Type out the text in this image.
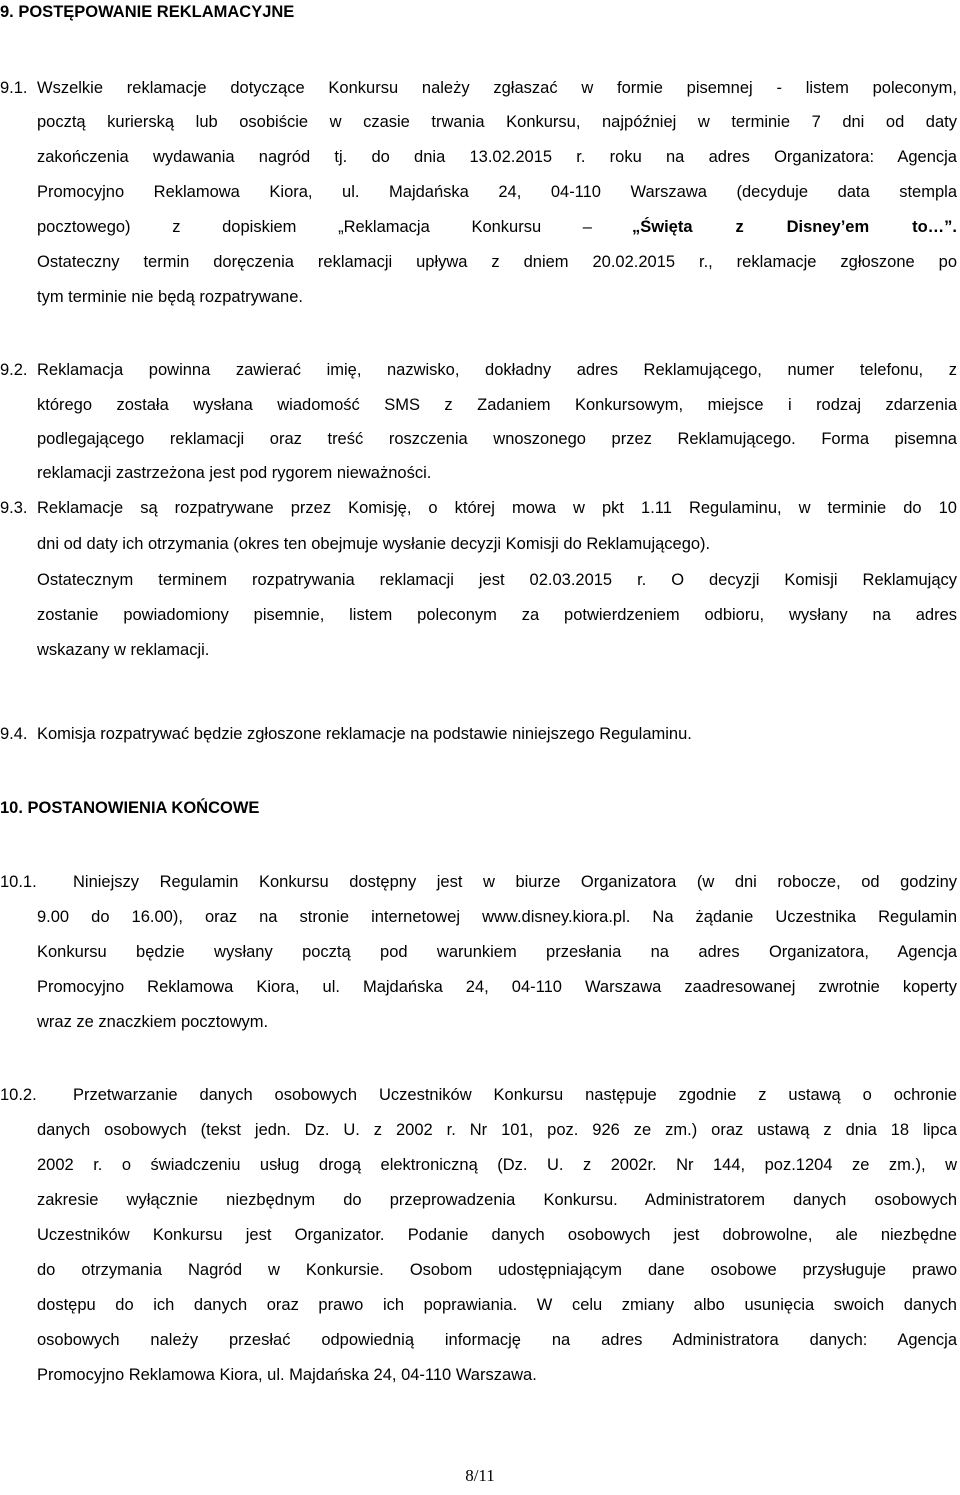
9. POSTĘPOWANIE REKLAMACYJNE
9.1. Wszelkie reklamacje dotyczące Konkursu należy zgłaszać w formie pisemnej - listem poleconym,
pocztą kurierską lub osobiście w czasie trwania Konkursu, najpóźniej w terminie 7 dni od daty
zakończenia wydawania nagród tj. do dnia 13.02.2015 r. roku na adres Organizatora: Agencja
Promocyjno Reklamowa Kiora, ul. Majdańska 24, 04-110 Warszawa (decyduje data stempla
pocztowego) z dopiskiem „Reklamacja Konkursu – „Święta z Disney’em to…”.
Ostateczny termin doręczenia reklamacji upływa z dniem 20.02.2015 r., reklamacje zgłoszone po
tym terminie nie będą rozpatrywane.
9.2. Reklamacja powinna zawierać imię, nazwisko, dokładny adres Reklamującego, numer telefonu, z
którego została wysłana wiadomość SMS z Zadaniem Konkursowym, miejsce i rodzaj zdarzenia
podlegającego reklamacji oraz treść roszczenia wnoszonego przez Reklamującego. Forma pisemna
reklamacji zastrzeżona jest pod rygorem nieważności.
9.3. Reklamacje są rozpatrywane przez Komisję, o której mowa w pkt 1.11 Regulaminu, w terminie do 10
dni od daty ich otrzymania (okres ten obejmuje wysłanie decyzji Komisji do Reklamującego).
Ostatecznym terminem rozpatrywania reklamacji jest 02.03.2015 r. O decyzji Komisji Reklamujący
zostanie powiadomiony pisemnie, listem poleconym za potwierdzeniem odbioru, wysłany na adres
wskazany w reklamacji.
9.4. Komisja rozpatrywać będzie zgłoszone reklamacje na podstawie niniejszego Regulaminu.
10. POSTANOWIENIA KOŃCOWE
10.1. Niniejszy Regulamin Konkursu dostępny jest w biurze Organizatora (w dni robocze, od godziny
9.00 do 16.00), oraz na stronie internetowej www.disney.kiora.pl. Na żądanie Uczestnika Regulamin
Konkursu będzie wysłany pocztą pod warunkiem przesłania na adres Organizatora, Agencja
Promocyjno Reklamowa Kiora, ul. Majdańska 24, 04-110 Warszawa zaadresowanej zwrotnie koperty
wraz ze znaczkiem pocztowym.
10.2. Przetwarzanie danych osobowych Uczestników Konkursu następuje zgodnie z ustawą o ochronie
danych osobowych (tekst jedn. Dz. U. z 2002 r. Nr 101, poz. 926 ze zm.) oraz ustawą z dnia 18 lipca
2002 r. o świadczeniu usług drogą elektroniczną (Dz. U. z 2002r. Nr 144, poz.1204 ze zm.), w
zakresie wyłącznie niezbędnym do przeprowadzenia Konkursu. Administratorem danych osobowych
Uczestników Konkursu jest Organizator. Podanie danych osobowych jest dobrowolne, ale niezbędne
do otrzymania Nagród w Konkursie. Osobom udostępniającym dane osobowe przysługuje prawo
dostępu do ich danych oraz prawo ich poprawiania. W celu zmiany albo usunięcia swoich danych
osobowych należy przesłać odpowiednią informację na adres Administratora danych: Agencja
Promocyjno Reklamowa Kiora, ul. Majdańska 24, 04-110 Warszawa.
8/11
